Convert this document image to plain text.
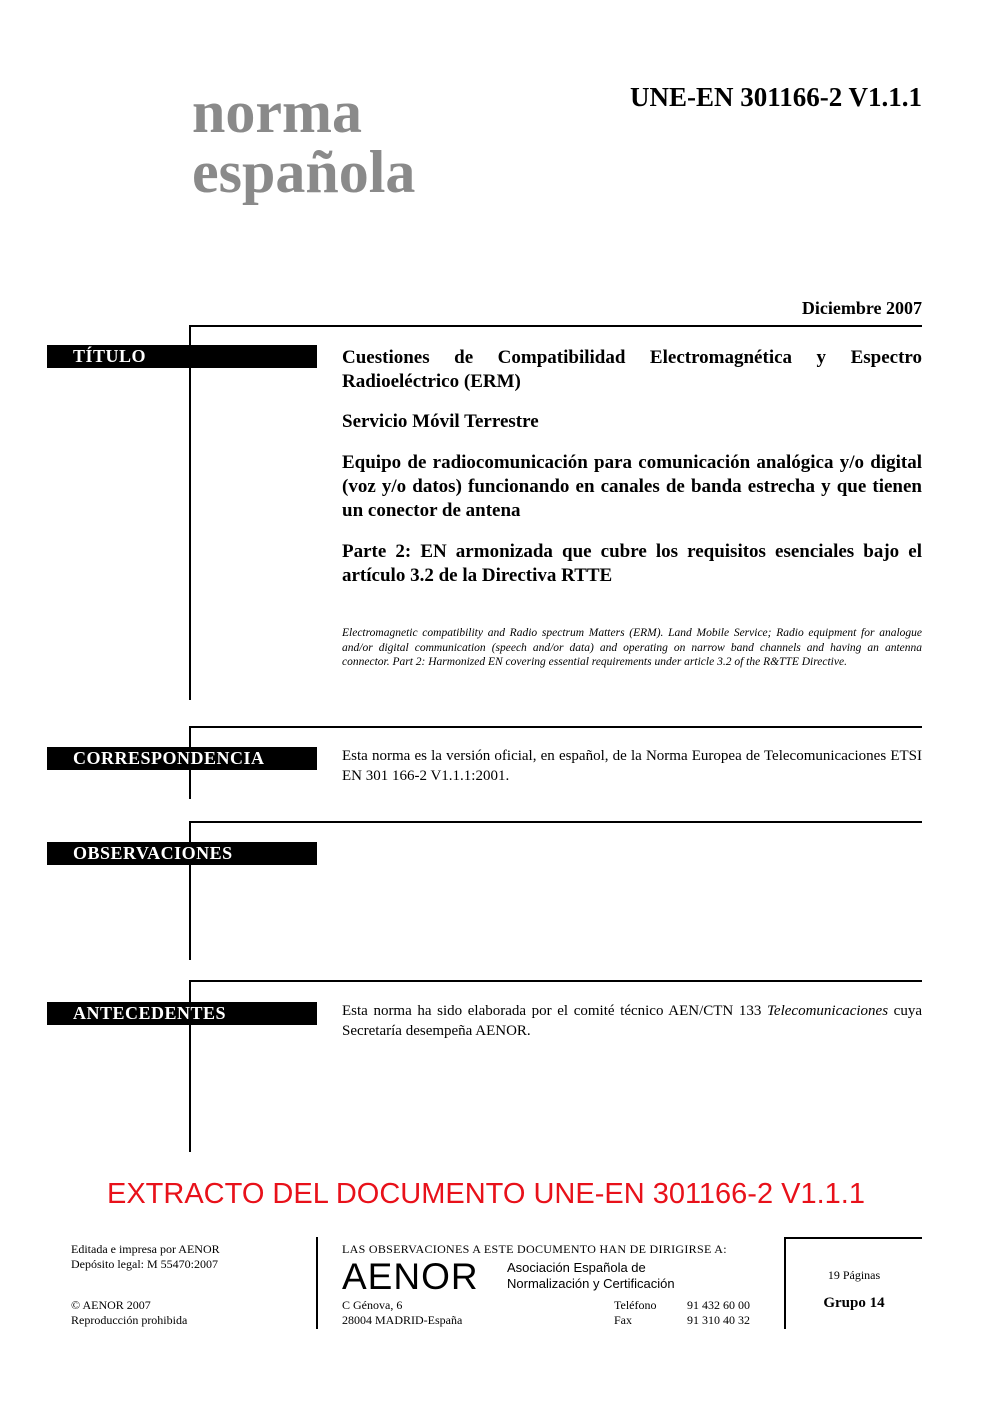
norma
española
UNE-EN 301166-2 V1.1.1
Diciembre 2007
TÍTULO	Cuestiones de Compatibilidad Electromagnética y Espectro Radioeléctrico (ERM)
Servicio Móvil Terrestre
Equipo de radiocomunicación para comunicación analógica y/o digital (voz y/o datos) funcionando en canales de banda estrecha y que tienen un conector de antena
Parte 2: EN armonizada que cubre los requisitos esenciales bajo el artículo 3.2 de la Directiva RTTE
Electromagnetic compatibility and Radio spectrum Matters (ERM). Land Mobile Service; Radio equipment for analogue and/or digital communication (speech and/or data) and operating on narrow band channels and having an antenna connector. Part 2: Harmonized EN covering essential requirements under article 3.2 of the R&TTE Directive.
CORRESPONDENCIA	Esta norma es la versión oficial, en español, de la Norma Europea de Telecomunicaciones ETSI EN 301 166-2 V1.1.1:2001.
OBSERVACIONES
ANTECEDENTES	Esta norma ha sido elaborada por el comité técnico AEN/CTN 133 Telecomunicaciones cuya Secretaría desempeña AENOR.
EXTRACTO DEL DOCUMENTO UNE-EN 301166-2 V1.1.1
Editada e impresa por AENOR
Depósito legal: M 55470:2007
© AENOR 2007
Reproducción prohibida
LAS OBSERVACIONES A ESTE DOCUMENTO HAN DE DIRIGIRSE A:
AENOR Asociación Española de
Normalización y Certificación
C Génova, 6
28004 MADRID-España
Teléfono	91 432 60 00
Fax	91 310 40 32
19 Páginas
Grupo 14
